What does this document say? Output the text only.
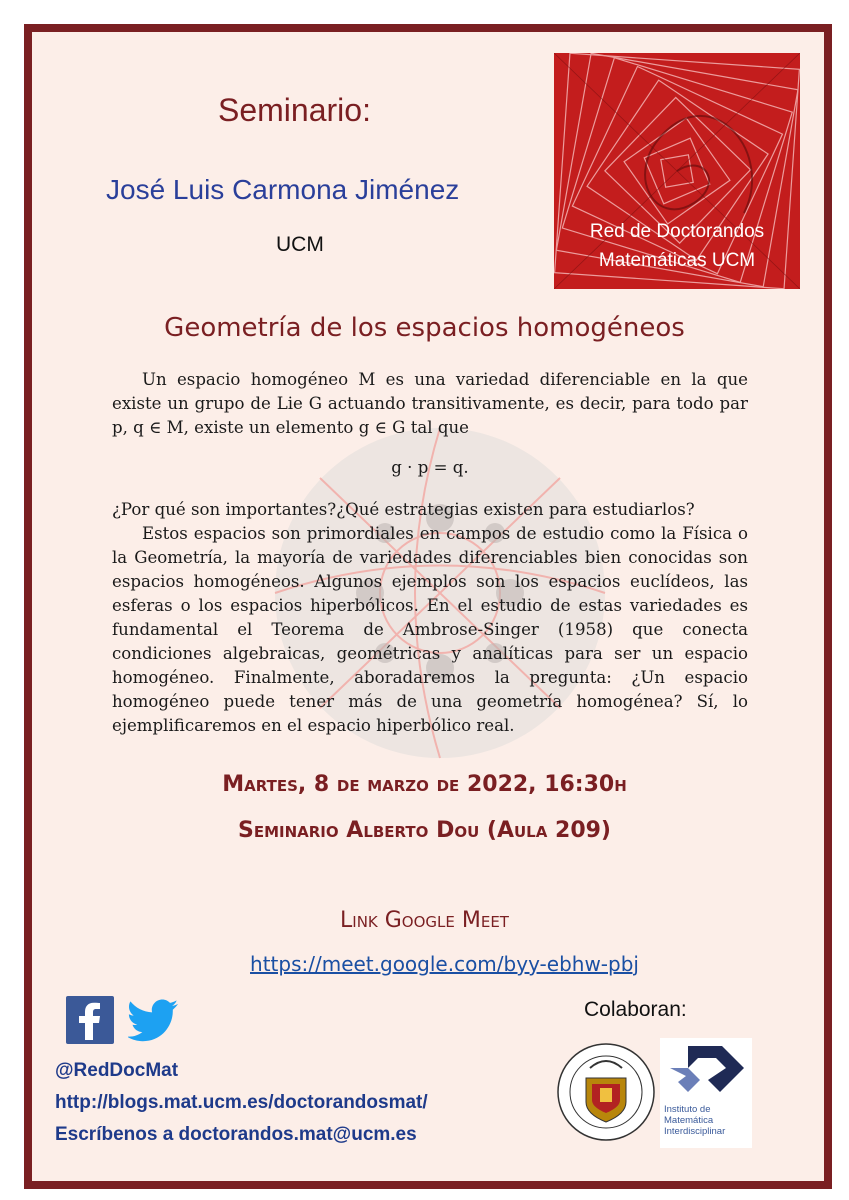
Seminario:
José Luis Carmona Jiménez
UCM
Red de Doctorandos
Matemáticas UCM
Geometría de los espacios homogéneos

Un espacio homogéneo M es una variedad diferenciable en la que existe un grupo de Lie G actuando transitivamente, es decir, para todo par p, q ∈ M, existe un elemento g ∈ G tal que

g · p = q.

¿Por qué son importantes?¿Qué estrategias existen para estudiarlos?

Estos espacios son primordiales en campos de estudio como la Física o la Geometría, la mayoría de variedades diferenciables bien conocidas son espacios homogéneos. Algunos ejemplos son los espacios euclídeos, las esferas o los espacios hiperbólicos. En el estudio de estas variedades es fundamental el Teorema de Ambrose-Singer (1958) que conecta condiciones algebraicas, geométricas y analíticas para ser un espacio homogéneo. Finalmente, aboradaremos la pregunta: ¿Un espacio homogéneo puede tener más de una geometría homogénea? Sí, lo ejemplificaremos en el espacio hiperbólico real.

Martes, 8 de marzo de 2022, 16:30h
Seminario Alberto Dou (Aula 209)
Link Google Meet
https://meet.google.com/byy-ebhw-pbj
@RedDocMat
http://blogs.mat.ucm.es/doctorandosmat/
Escríbenos a doctorandos.mat@ucm.es
Colaboran:
Instituto de Matemática Interdisciplinar
